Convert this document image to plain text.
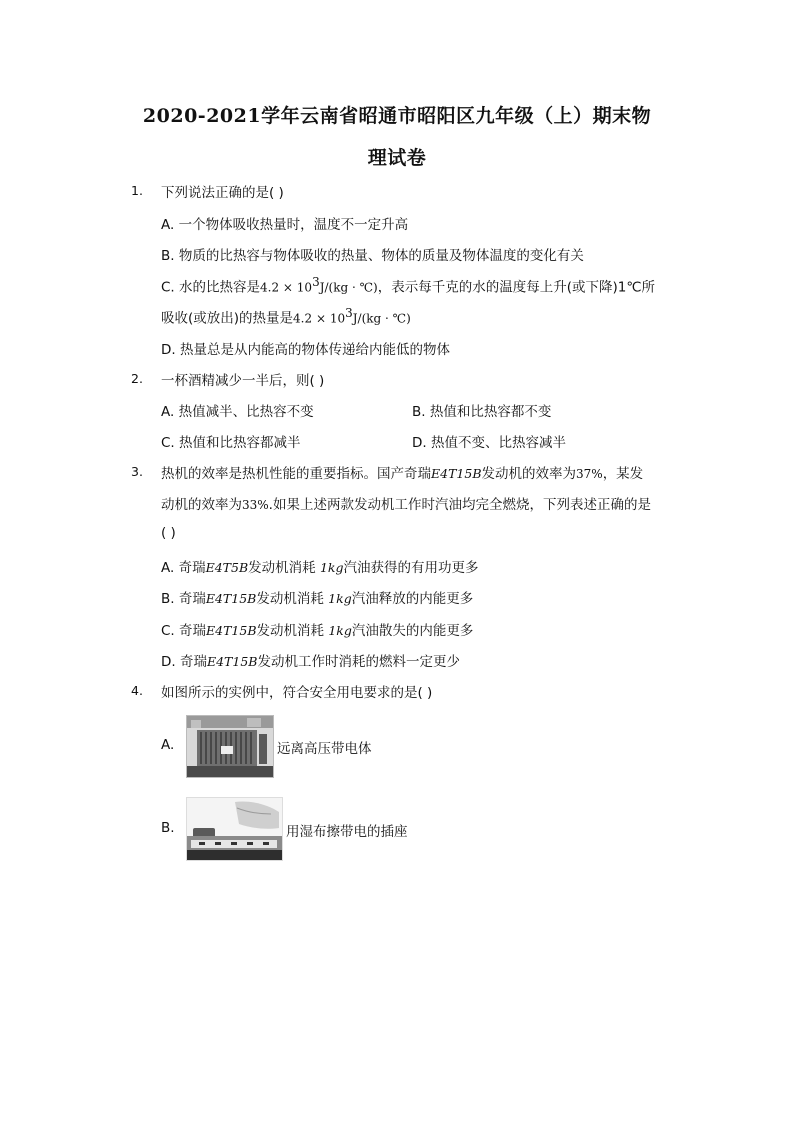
2020-2021学年云南省昭通市昭阳区九年级（上）期末物
理试卷
1. 下列说法正确的是( )
A. 一个物体吸收热量时，温度不一定升高
B. 物质的比热容与物体吸收的热量、物体的质量及物体温度的变化有关
C. 水的比热容是$4.2 \times 10^3J/(kg$ · ℃)，表示每千克的水的温度每上升(或下降)1℃所
吸收(或放出)的热量是$4.2 \times 10^3J/(kg$ · ℃)
D. 热量总是从内能高的物体传递给内能低的物体
2. 一杯酒精减少一半后，则( )
A. 热值减半、比热容不变	B. 热值和比热容都不变
C. 热值和比热容都减半	D. 热值不变、比热容减半
3. 热机的效率是热机性能的重要指标。国产奇瑞E4T15B发动机的效率为37%，某发
动机的效率为33%.如果上述两款发动机工作时汽油均完全燃烧，下列表述正确的是
( )
A. 奇瑞E4T5B发动机消耗 1kg汽油获得的有用功更多
B. 奇瑞E4T15B发动机消耗 1kg汽油释放的内能更多
C. 奇瑞E4T15B发动机消耗 1kg汽油散失的内能更多
D. 奇瑞E4T15B发动机工作时消耗的燃料一定更少
4. 如图所示的实例中，符合安全用电要求的是( )
A.	远离高压带电体
B.	用湿布擦带电的插座
